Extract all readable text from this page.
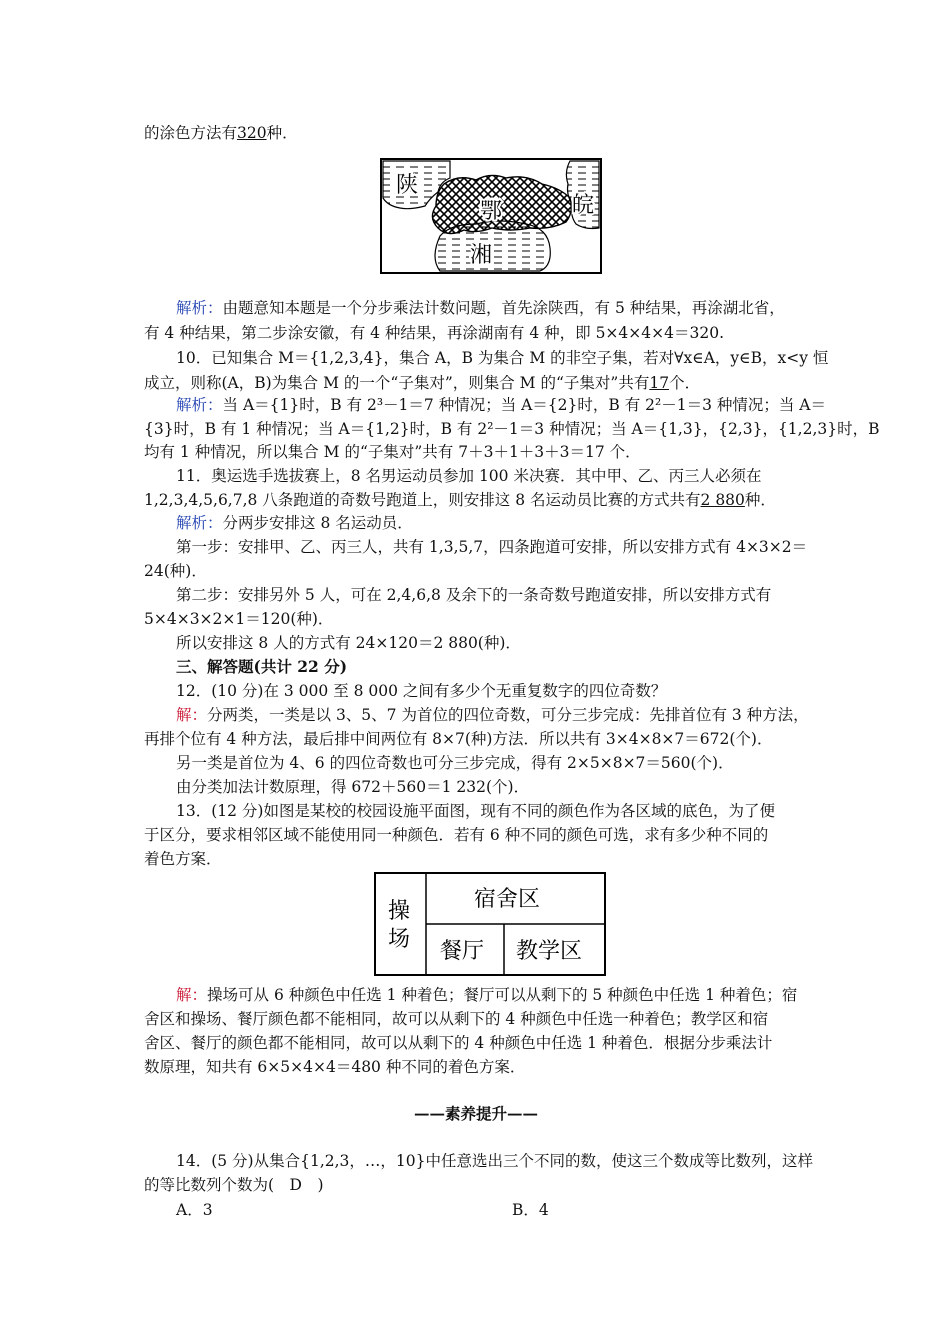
的涂色方法有320种．
陕
鄂	皖
湘
解析：由题意知本题是一个分步乘法计数问题，首先涂陕西，有 5 种结果，再涂湖北省，
有 4 种结果，第二步涂安徽，有 4 种结果，再涂湖南有 4 种，即 5×4×4×4＝320.
10．已知集合 M＝{1,2,3,4}，集合 A，B 为集合 M 的非空子集，若对∀x∈A，y∈B，x<y 恒
成立，则称(A，B)为集合 M 的一个“子集对”，则集合 M 的“子集对”共有17个．
解析：当 A＝{1}时，B 有 2³－1＝7 种情况；当 A＝{2}时，B 有 2²－1＝3 种情况；当 A＝
{3}时，B 有 1 种情况；当 A＝{1,2}时，B 有 2²－1＝3 种情况；当 A＝{1,3}，{2,3}，{1,2,3}时，B
均有 1 种情况，所以集合 M 的“子集对”共有 7＋3＋1＋3＋3＝17 个．
11．奥运选手选拔赛上，8 名男运动员参加 100 米决赛．其中甲、乙、丙三人必须在
1,2,3,4,5,6,7,8 八条跑道的奇数号跑道上，则安排这 8 名运动员比赛的方式共有2 880种．
解析：分两步安排这 8 名运动员．
第一步：安排甲、乙、丙三人，共有 1,3,5,7，四条跑道可安排，所以安排方式有 4×3×2＝
24(种)．
第二步：安排另外 5 人，可在 2,4,6,8 及余下的一条奇数号跑道安排，所以安排方式有
5×4×3×2×1＝120(种)．
所以安排这 8 人的方式有 24×120＝2 880(种)．
三、解答题(共计 22 分)
12．(10 分)在 3 000 至 8 000 之间有多少个无重复数字的四位奇数？
解：分两类，一类是以 3、5、7 为首位的四位奇数，可分三步完成：先排首位有 3 种方法，
再排个位有 4 种方法，最后排中间两位有 8×7(种)方法．所以共有 3×4×8×7＝672(个)．
另一类是首位为 4、6 的四位奇数也可分三步完成，得有 2×5×8×7＝560(个)．
由分类加法计数原理，得 672＋560＝1 232(个)．
13．(12 分)如图是某校的校园设施平面图，现有不同的颜色作为各区域的底色，为了便
于区分，要求相邻区域不能使用同一种颜色．若有 6 种不同的颜色可选，求有多少种不同的
着色方案．
操
场
宿舍区
餐厅 教学区
解：操场可从 6 种颜色中任选 1 种着色；餐厅可以从剩下的 5 种颜色中任选 1 种着色；宿
舍区和操场、餐厅颜色都不能相同，故可以从剩下的 4 种颜色中任选一种着色；教学区和宿
舍区、餐厅的颜色都不能相同，故可以从剩下的 4 种颜色中任选 1 种着色．根据分步乘法计
数原理，知共有 6×5×4×4＝480 种不同的着色方案．
——素养提升——
14．(5 分)从集合{1,2,3，…，10}中任意选出三个不同的数，使这三个数成等比数列，这样
的等比数列个数为(　D　)
A．3	B．4
